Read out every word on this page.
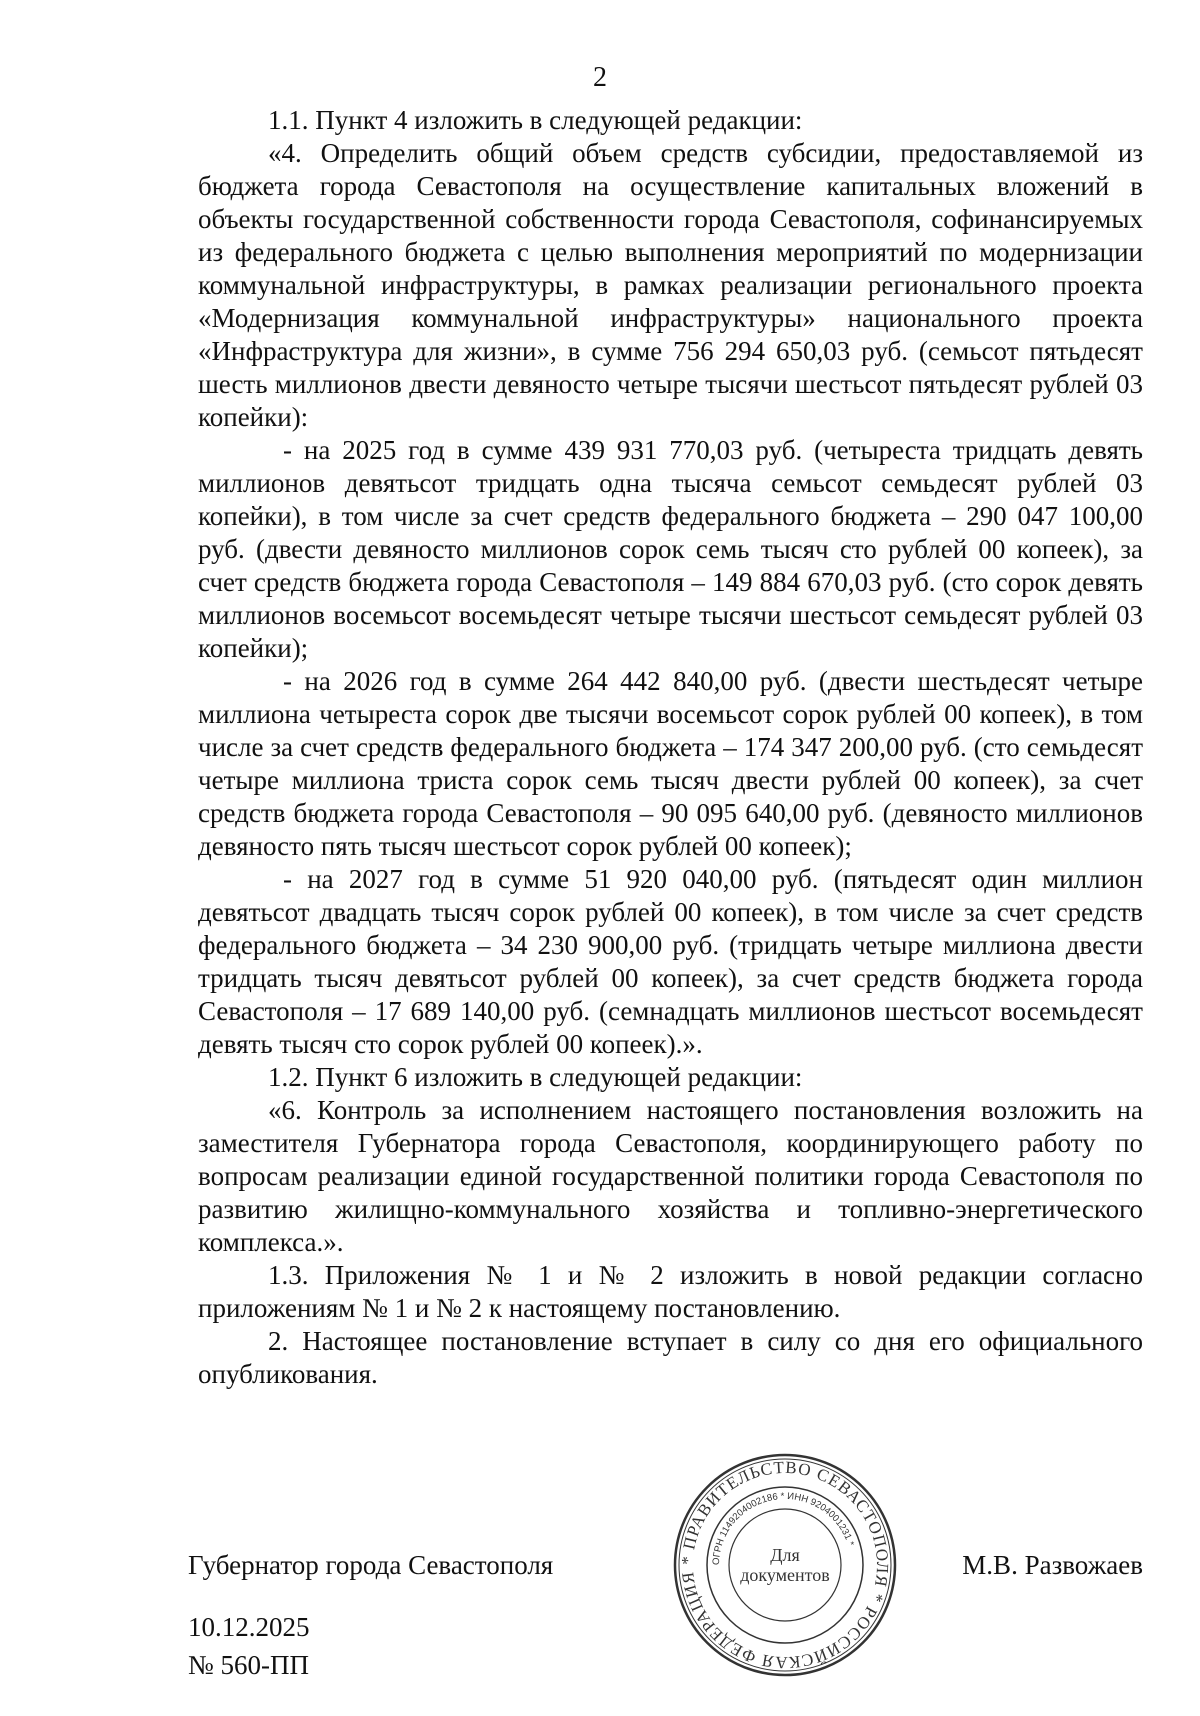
2

1.1. Пункт 4 изложить в следующей редакции:

«4. Определить общий объем средств субсидии, предоставляемой из бюджета города Севастополя на осуществление капитальных вложений в объекты государственной собственности города Севастополя, софинансируемых из федерального бюджета с целью выполнения мероприятий по модернизации коммунальной инфраструктуры, в рамках реализации регионального проекта «Модернизация коммунальной инфраструктуры» национального проекта «Инфраструктура для жизни», в сумме 756 294 650,03 руб. (семьсот пятьдесят шесть миллионов двести девяносто четыре тысячи шестьсот пятьдесят рублей 03 копейки):

- на 2025 год в сумме 439 931 770,03 руб. (четыреста тридцать девять миллионов девятьсот тридцать одна тысяча семьсот семьдесят рублей 03 копейки), в том числе за счет средств федерального бюджета – 290 047 100,00 руб. (двести девяносто миллионов сорок семь тысяч сто рублей 00 копеек), за счет средств бюджета города Севастополя – 149 884 670,03 руб. (сто сорок девять миллионов восемьсот восемьдесят четыре тысячи шестьсот семьдесят рублей 03 копейки);

- на 2026 год в сумме 264 442 840,00 руб. (двести шестьдесят четыре миллиона четыреста сорок две тысячи восемьсот сорок рублей 00 копеек), в том числе за счет средств федерального бюджета – 174 347 200,00 руб. (сто семьдесят четыре миллиона триста сорок семь тысяч двести рублей 00 копеек), за счет средств бюджета города Севастополя – 90 095 640,00 руб. (девяносто миллионов девяносто пять тысяч шестьсот сорок рублей 00 копеек);

- на 2027 год в сумме 51 920 040,00 руб. (пятьдесят один миллион девятьсот двадцать тысяч сорок рублей 00 копеек), в том числе за счет средств федерального бюджета – 34 230 900,00 руб. (тридцать четыре миллиона двести тридцать тысяч девятьсот рублей 00 копеек), за счет средств бюджета города Севастополя – 17 689 140,00 руб. (семнадцать миллионов шестьсот восемьдесят девять тысяч сто сорок рублей 00 копеек).».

1.2. Пункт 6 изложить в следующей редакции:

«6. Контроль за исполнением настоящего постановления возложить на заместителя Губернатора города Севастополя, координирующего работу по вопросам реализации единой государственной политики города Севастополя по развитию жилищно-коммунального хозяйства и топливно-энергетического комплекса.».

1.3. Приложения № 1 и № 2 изложить в новой редакции согласно приложениям № 1 и № 2 к настоящему постановлению.

2. Настоящее постановление вступает в силу со дня его официального опубликования.

* ПРАВИТЕЛЬСТВО СЕВАСТОПОЛЯ * РОССИЙСКАЯ ФЕДЕРАЦИЯ
ОГРН 1149204002186 * ИНН 9204001231 *
Для
документов
Губернатор города Севастополя	М.В. Развожаев
10.12.2025
№ 560-ПП
